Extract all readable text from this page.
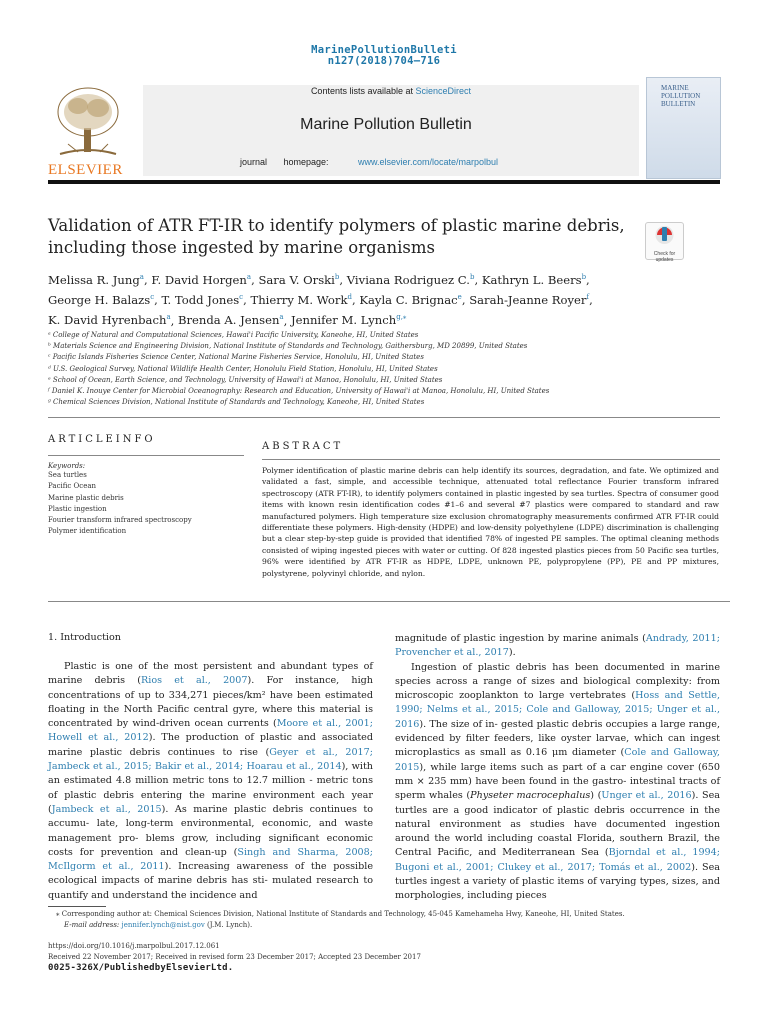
MarinePollutionBulleti
n127(2018)704–716
ELSEVIER
Contents lists available at ScienceDirect
Marine Pollution Bulletin
journal homepage:	www.elsevier.com/locate/marpolbul
MARINE POLLUTION BULLETIN
Validation of ATR FT-IR to identify polymers of plastic marine debris, including those ingested by marine organisms	Check for updates
Melissa R. Jung$^a$, F. David Horgen$^a$, Sara V. Orski$^b$, Viviana Rodriguez C.$^b$, Kathryn L. Beers$^b$,
George H. Balazs$^c$, T. Todd Jones$^c$, Thierry M. Work$^d$, Kayla C. Brignac$^e$, Sarah-Jeanne Royer$^f$,
K. David Hyrenbach$^a$, Brenda A. Jensen$^a$, Jennifer M. Lynch$^{g,⁎}$
ᵃ College of Natural and Computational Sciences, Hawai'i Pacific University, Kaneohe, HI, United States
ᵇ Materials Science and Engineering Division, National Institute of Standards and Technology, Gaithersburg, MD 20899, United States
ᶜ Pacific Islands Fisheries Science Center, National Marine Fisheries Service, Honolulu, HI, United States
ᵈ U.S. Geological Survey, National Wildlife Health Center, Honolulu Field Station, Honolulu, HI, United States
ᵉ School of Ocean, Earth Science, and Technology, University of Hawai'i at Manoa, Honolulu, HI, United States
ᶠ Daniel K. Inouye Center for Microbial Oceanography: Research and Education, University of Hawai'i at Manoa, Honolulu, HI, United States
ᵍ Chemical Sciences Division, National Institute of Standards and Technology, Kaneohe, HI, United States
ARTICLEINFO
Keywords:
Sea turtles
Pacific Ocean
Marine plastic debris
Plastic ingestion
Fourier transform infrared spectroscopy
Polymer identification
ABSTRACT
Polymer identification of plastic marine debris can help identify its sources, degradation, and fate. We optimized and validated a fast, simple, and accessible technique, attenuated total reflectance Fourier transform infrared spectroscopy (ATR FT-IR), to identify polymers contained in plastic ingested by sea turtles. Spectra of consumer good items with known resin identification codes #1–6 and several #7 plastics were compared to standard and raw manufactured polymers. High temperature size exclusion chromatography measurements confirmed ATR FT-IR could differentiate these polymers. High-density (HDPE) and low-density polyethylene (LDPE) discrimination is challenging but a clear step-by-step guide is provided that identified 78% of ingested PE samples. The optimal cleaning methods consisted of wiping ingested pieces with water or cutting. Of 828 ingested plastics pieces from 50 Pacific sea turtles, 96% were identified by ATR FT-IR as HDPE, LDPE, unknown PE, polypropylene (PP), PE and PP mixtures, polystyrene, polyvinyl chloride, and nylon.
1. Introduction

Plastic is one of the most persistent and abundant types of marine debris (Rios et al., 2007). For instance, high concentrations of up to 334,271 pieces/km² have been estimated floating in the North Pacific central gyre, where this material is concentrated by wind-driven ocean currents (Moore et al., 2001; Howell et al., 2012). The production of plastic and associated marine plastic debris continues to rise (Geyer et al., 2017; Jambeck et al., 2015; Bakir et al., 2014; Hoarau et al., 2014), with an estimated 4.8 million metric tons to 12.7 million - metric tons of plastic debris entering the marine environment each year (Jambeck et al., 2015). As marine plastic debris continues to accumu- late, long-term environmental, economic, and waste management pro- blems grow, including significant economic costs for prevention and clean-up (Singh and Sharma, 2008; McIlgorm et al., 2011). Increasing awareness of the possible ecological impacts of marine debris has sti- mulated research to quantify and understand the incidence and

magnitude of plastic ingestion by marine animals (Andrady, 2011; Provencher et al., 2017).

Ingestion of plastic debris has been documented in marine species across a range of sizes and biological complexity: from microscopic zooplankton to large vertebrates (Hoss and Settle, 1990; Nelms et al., 2015; Cole and Galloway, 2015; Unger et al., 2016). The size of in- gested plastic debris occupies a large range, evidenced by filter feeders, like oyster larvae, which can ingest microplastics as small as 0.16 μm diameter (Cole and Galloway, 2015), while large items such as part of a car engine cover (650 mm × 235 mm) have been found in the gastro- intestinal tracts of sperm whales (Physeter macrocephalus) (Unger et al., 2016). Sea turtles are a good indicator of plastic debris occurrence in the natural environment as studies have documented ingestion around the world including coastal Florida, southern Brazil, the Central Pacific, and Mediterranean Sea (Bjorndal et al., 1994; Bugoni et al., 2001; Clukey et al., 2017; Tomás et al., 2002). Sea turtles ingest a variety of plastic items of varying types, sizes, and morphologies, including pieces

⁎ Corresponding author at: Chemical Sciences Division, National Institute of Standards and Technology, 45-045 Kamehameha Hwy, Kaneohe, HI, United States.
E-mail address: jennifer.lynch@nist.gov (J.M. Lynch).
https://doi.org/10.1016/j.marpolbul.2017.12.061
Received 22 November 2017; Received in revised form 23 December 2017; Accepted 23 December 2017
0025-326X/PublishedbyElsevierLtd.
